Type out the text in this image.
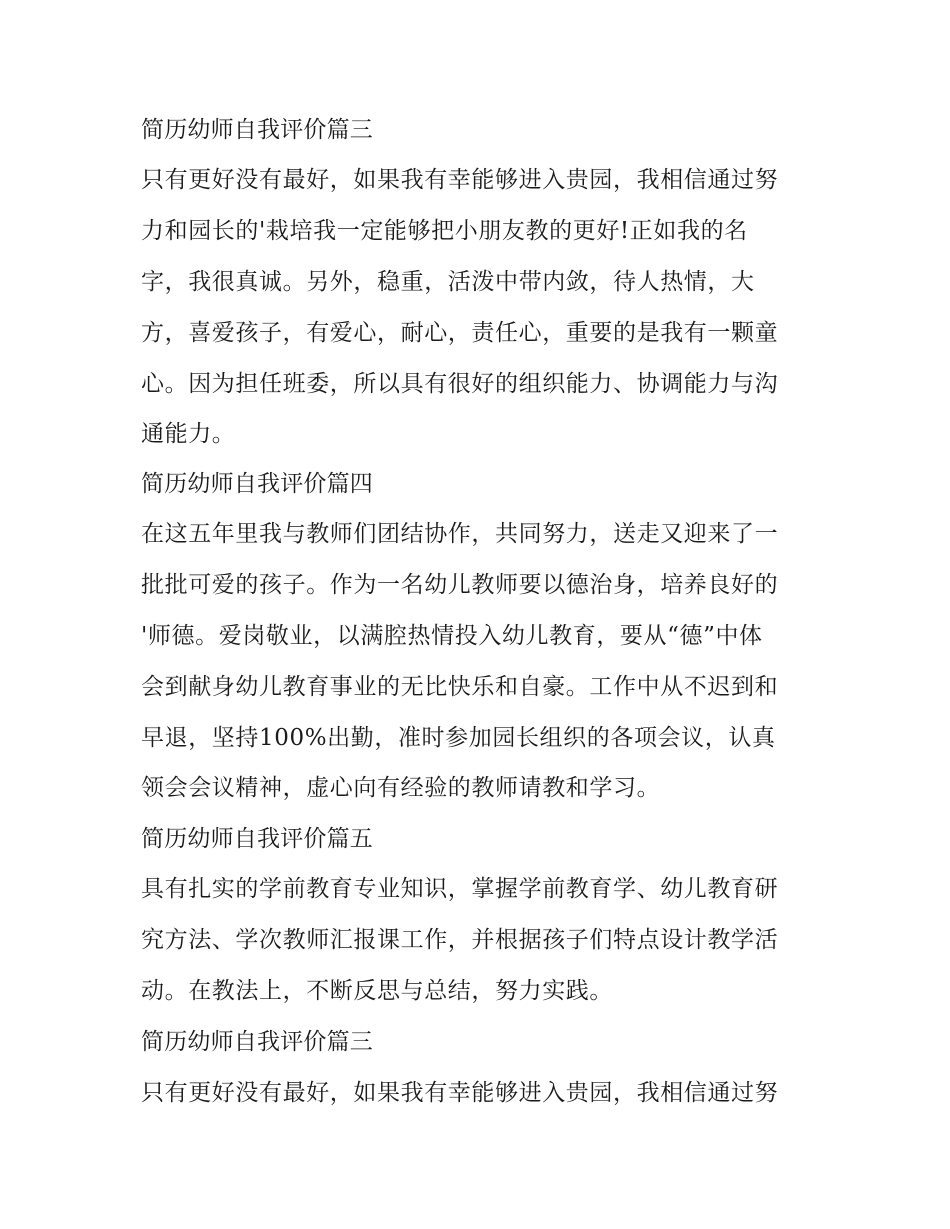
简历幼师自我评价篇三
只有更好没有最好，如果我有幸能够进入贵园，我相信通过努
力和园长的'栽培我一定能够把小朋友教的更好!正如我的名
字，我很真诚。另外，稳重，活泼中带内敛，待人热情，大
方，喜爱孩子，有爱心，耐心，责任心，重要的是我有一颗童
心。因为担任班委，所以具有很好的组织能力、协调能力与沟
通能力。
简历幼师自我评价篇四
在这五年里我与教师们团结协作，共同努力，送走又迎来了一
批批可爱的孩子。作为一名幼儿教师要以德治身，培养良好的
'师德。爱岗敬业，以满腔热情投入幼儿教育，要从“德”中体
会到献身幼儿教育事业的无比快乐和自豪。工作中从不迟到和
早退，坚持100%出勤，准时参加园长组织的各项会议，认真
领会会议精神，虚心向有经验的教师请教和学习。
简历幼师自我评价篇五
具有扎实的学前教育专业知识，掌握学前教育学、幼儿教育研
究方法、学次教师汇报课工作，并根据孩子们特点设计教学活
动。在教法上，不断反思与总结，努力实践。
简历幼师自我评价篇三
只有更好没有最好，如果我有幸能够进入贵园，我相信通过努
